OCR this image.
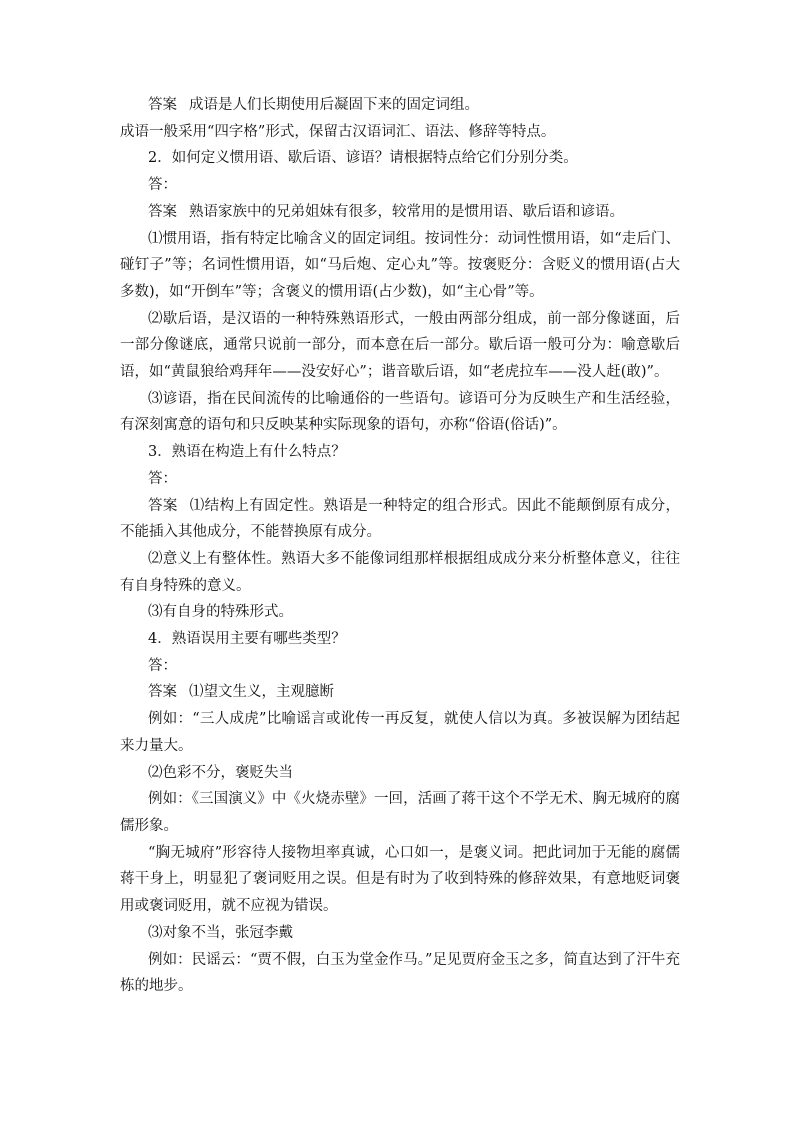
答案 成语是人们长期使用后凝固下来的固定词组。

成语一般采用“四字格”形式，保留古汉语词汇、语法、修辞等特点。

2．如何定义惯用语、歇后语、谚语？请根据特点给它们分别分类。

答：

答案 熟语家族中的兄弟姐妹有很多，较常用的是惯用语、歇后语和谚语。

⑴惯用语，指有特定比喻含义的固定词组。按词性分：动词性惯用语，如“走后门、碰钉子”等；名词性惯用语，如“马后炮、定心丸”等。按褒贬分：含贬义的惯用语(占大多数)，如“开倒车”等；含褒义的惯用语(占少数)，如“主心骨”等。

⑵歇后语，是汉语的一种特殊熟语形式，一般由两部分组成，前一部分像谜面，后一部分像谜底，通常只说前一部分，而本意在后一部分。歇后语一般可分为：喻意歇后语，如“黄鼠狼给鸡拜年——没安好心”；谐音歇后语，如“老虎拉车——没人赶(敢)”。

⑶谚语，指在民间流传的比喻通俗的一些语句。谚语可分为反映生产和生活经验，有深刻寓意的语句和只反映某种实际现象的语句，亦称“俗语(俗话)”。

3．熟语在构造上有什么特点？

答：

答案 ⑴结构上有固定性。熟语是一种特定的组合形式。因此不能颠倒原有成分，不能插入其他成分，不能替换原有成分。

⑵意义上有整体性。熟语大多不能像词组那样根据组成成分来分析整体意义，往往有自身特殊的意义。

⑶有自身的特殊形式。

4．熟语误用主要有哪些类型？

答：

答案 ⑴望文生义，主观臆断

例如：“三人成虎”比喻谣言或讹传一再反复，就使人信以为真。多被误解为团结起来力量大。

⑵色彩不分，褒贬失当

例如：《三国演义》中《火烧赤壁》一回，活画了蒋干这个不学无术、胸无城府的腐儒形象。

“胸无城府”形容待人接物坦率真诚，心口如一，是褒义词。把此词加于无能的腐儒蒋干身上，明显犯了褒词贬用之误。但是有时为了收到特殊的修辞效果，有意地贬词褒用或褒词贬用，就不应视为错误。

⑶对象不当，张冠李戴

例如：民谣云：“贾不假，白玉为堂金作马。”足见贾府金玉之多，简直达到了汗牛充栋的地步。
